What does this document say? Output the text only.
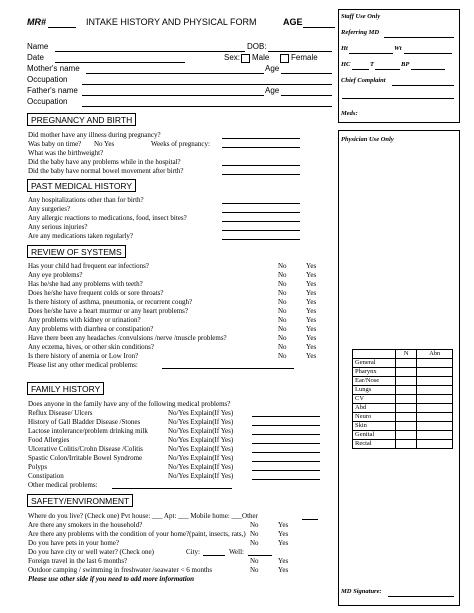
MR#	INTAKE HISTORY AND PHYSICAL FORM	AGE
Name	DOB:
Date	Sex: Male	Female
Mother's name	Age
Occupation
Father's name	Age
Occupation
Staff Use Only
Referring MD
Ht	Wt
HC	T	BP
Chief Complaint
Meds:
Physician Use Only
	N	Abn
General		
Pharynx		
Ear/Nose		
Lungs		
CV		
Abd		
Neuro		
Skin		
Genital		
Rectal		
MD Signature:
PREGNANCY AND BIRTH
Did mother have any illness during pregnancy?
Was baby on time? No Yes	Weeks of pregnancy:
What was the birthweight?
Did the baby have any problems while in the hospital?
Did the baby have normal bowel movement after birth?
PAST MEDICAL HISTORY
Any hospitalizations other than for birth?
Any surgeries?
Any allergic reactions to medications, food, insect bites?
Any serious injuries?
Are any medications taken regularly?
REVIEW OF SYSTEMS
Has your child had frequent ear infections?	No	Yes
Any eye problems?	No	Yes
Has he/she had any problems with teeth?	No	Yes
Does he/she have frequent colds or sore throats?	No	Yes
Is there history of asthma, pneumonia, or recurrent cough?	No	Yes
Does he/she have a heart murmur or any heart problems?	No	Yes
Any problems with kidney or urination?	No	Yes
Any problems with diarrhea or constipation?	No	Yes
Have there been any headaches /convulsions /nerve /muscle problems?	No	Yes
Any eczema, hives, or other skin conditions?	No	Yes
Is there history of anemia or Low Iron?	No	Yes
Please list any other medical problems:
FAMILY HISTORY
Does anyone in the family have any of the following medical problems?
Reflux Disease/ Ulcers	No/Yes Explain(If Yes)
History of Gall Bladder Disease /Stones	No/Yes Explain(If Yes)
Lactose intolerance/problem drinking milk	No/Yes Explain(If Yes)
Food Allergies	No/Yes Explain(If Yes)
Ulcerative Colitis/Crohn Disease /Colitis	No/Yes Explain(If Yes)
Spastic Colon/Irritable Bowel Syndrome	No/Yes Explain(If Yes)
Polyps	No/Yes Explain(If Yes)
Constipation	No/Yes Explain(If Yes)
Other medical problems:
SAFETY/ENVIRONMENT
Where do you live? (Check one) Pvt house: ___ Apt: ___ Mobile home: ___Other
Are there any smokers in the household?	No	Yes
Are there any problems with the condition of your home?(paint, insects, rats,) No	Yes
Do you have pets in your home?	No	Yes
Do you have city or well water? (Check one)	City:	Well:
Foreign travel in the last 6 months?	No	Yes
Outdoor camping / swimming in freshwater /seawater < 6 months	No	Yes
Please use other side if you need to add more information
